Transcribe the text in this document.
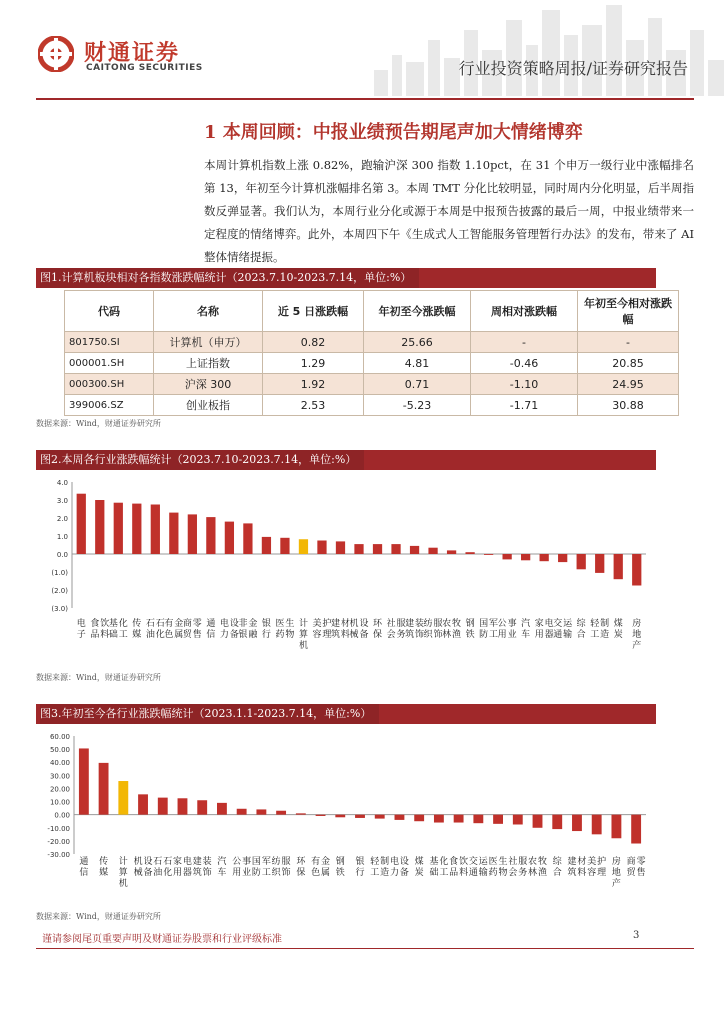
财通证券
CAITONG SECURITIES	行业投资策略周报/证券研究报告
1 本周回顾：中报业绩预告期尾声加大情绪博弈
本周计算机指数上涨 0.82%，跑输沪深 300 指数 1.10pct，在 31 个申万一级行业中涨幅排名第 13，年初至今计算机涨幅排名第 3。本周 TMT 分化比较明显，同时周内分化明显，后半周指数反弹显著。我们认为，本周行业分化或源于本周是中报预告披露的最后一周，中报业绩带来一定程度的情绪博弈。此外，本周四下午《生成式人工智能服务管理暂行办法》的发布，带来了 AI 整体情绪提振。
图1.计算机板块相对各指数涨跌幅统计（2023.7.10-2023.7.14，单位:%）
代码	名称	近 5 日涨跌幅	年初至今涨跌幅	周相对涨跌幅	年初至今相对涨跌幅
801750.SI	计算机（申万）	0.82	25.66	-	-
000001.SH	上证指数	1.29	4.81	-0.46	20.85
000300.SH	沪深 300	1.92	0.71	-1.10	24.95
399006.SZ	创业板指	2.53	-5.23	-1.71	30.88
数据来源：Wind，财通证券研究所
图2.本周各行业涨跌幅统计（2023.7.10-2023.7.14，单位:%）
4.0
3.0
2.0
1.0
0.0
(1.0)
(2.0)
(3.0)
电子
食品饮料
基础化工
传媒
石油石化
有色金属
商贸零售
通信
电力设备
非银金融
银行
医药生物
计算机
美容护理
建筑材料
机械设备
环保
社会服务
建筑装饰
纺织服饰
农林牧渔
钢铁
国防军工
公用事业
汽车
家用电器
交通运输
综合
轻工制造
煤炭
房地产
数据来源：Wind，财通证券研究所
图3.年初至今各行业涨跌幅统计（2023.1.1-2023.7.14，单位:%）
60.00
50.00
40.00
30.00
20.00
10.00
0.00
-10.00
-20.00
-30.00
通信
传媒
计算机
机械设备
石油石化
家用电器
建筑装饰
汽车
公用事业
国防军工
纺织服饰
环保
有色金属
钢铁
银行
轻工制造
电力设备
煤炭
基础化工
食品饮料
交通运输
医药生物
社会服务
农林牧渔
综合
建筑材料
美容护理
房地产
商贸零售
数据来源：Wind，财通证券研究所
谨请参阅尾页重要声明及财通证券股票和行业评级标准	3
